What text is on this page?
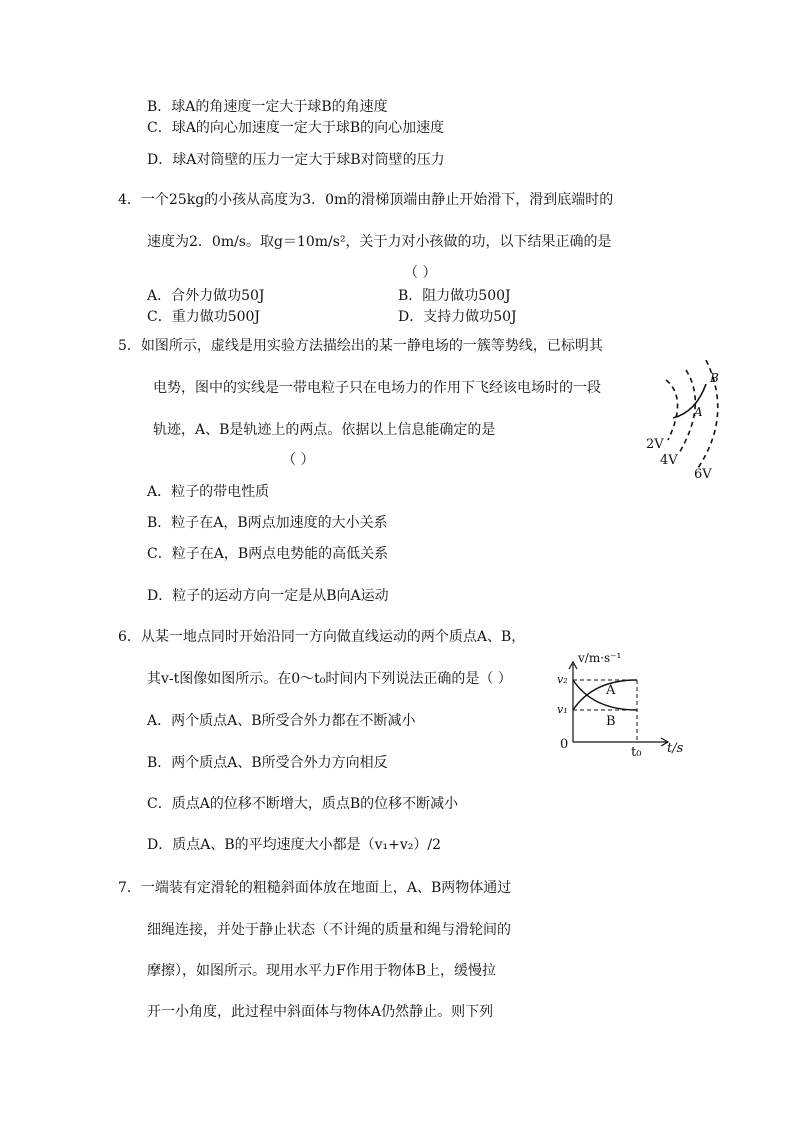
B．球A的角速度一定大于球B的角速度
C．球A的向心加速度一定大于球B的向心加速度
D．球A对筒壁的压力一定大于球B对筒壁的压力
4．一个25kg的小孩从高度为3．0m的滑梯顶端由静止开始滑下，滑到底端时的
速度为2．0m/s。取g＝10m/s²，关于力对小孩做的功，以下结果正确的是
（ ）
A．合外力做功50J	B．阻力做功500J
C．重力做功500J	D．支持力做功50J
5．如图所示，虚线是用实验方法描绘出的某一静电场的一簇等势线，已标明其
电势，图中的实线是一带电粒子只在电场力的作用下飞经该电场时的一段
轨迹，A、B是轨迹上的两点。依据以上信息能确定的是
（ ）
A．粒子的带电性质
B．粒子在A，B两点加速度的大小关系
C．粒子在A，B两点电势能的高低关系
D．粒子的运动方向一定是从B向A运动
A
B
2V
4V
6V
6．从某一地点同时开始沿同一方向做直线运动的两个质点A、B，
其v-t图像如图所示。在0～t₀时间内下列说法正确的是（ ）
A．两个质点A、B所受合外力都在不断减小
B．两个质点A、B所受合外力方向相反
C．质点A的位移不断增大，质点B的位移不断减小
D．质点A、B的平均速度大小都是（v₁+v₂）/2
v/m·s⁻¹
t/s
v₂
v₁
0
t₀
A
B
7．一端装有定滑轮的粗糙斜面体放在地面上，A、B两物体通过
细绳连接，并处于静止状态（不计绳的质量和绳与滑轮间的
摩擦），如图所示。现用水平力F作用于物体B上，缓慢拉
开一小角度，此过程中斜面体与物体A仍然静止。则下列
